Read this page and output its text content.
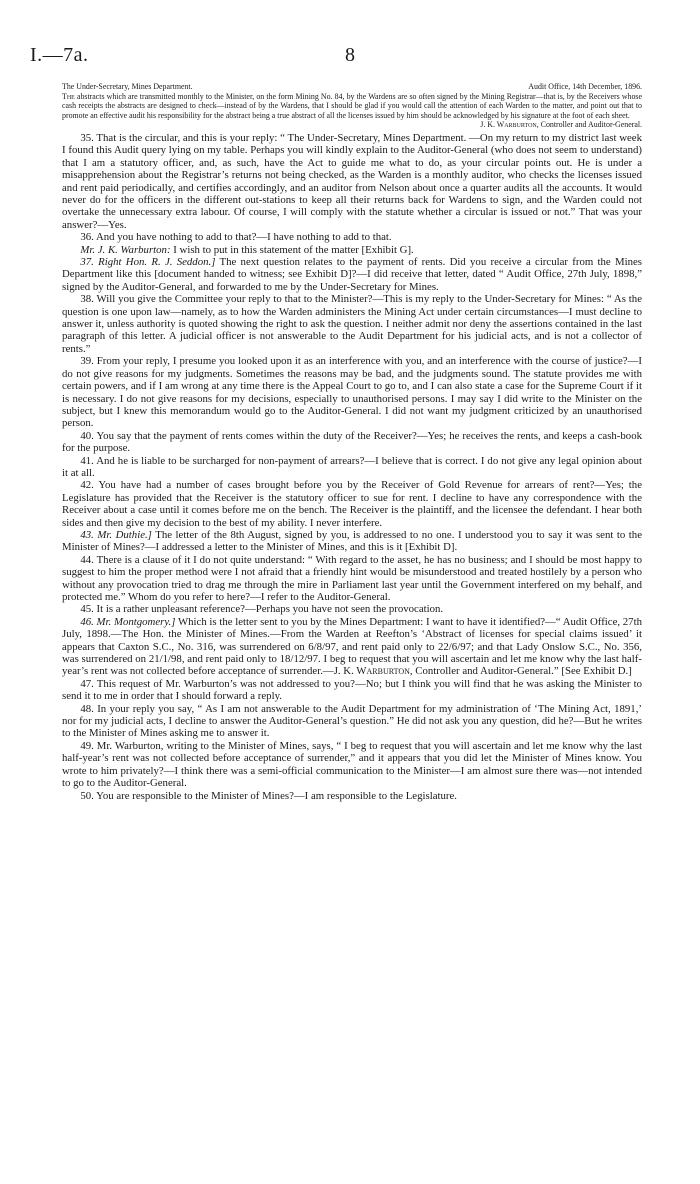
I.—7a.	8
The Under-Secretary, Mines Department.	Audit Office, 14th December, 1896.
The abstracts which are transmitted monthly to the Minister, on the form Mining No. 84, by the Wardens are so often signed by the Mining Registrar—that is, by the Receivers whose cash receipts the abstracts are designed to check—instead of by the Wardens, that I should be glad if you would call the attention of each Warden to the matter, and point out that to promote an effective audit his responsibility for the abstract being a true abstract of all the licenses issued by him should be acknowledged by his signature at the foot of each sheet.
J. K. Warburton, Controller and Auditor-General.

35. That is the circular, and this is your reply: “ The Under-Secretary, Mines Department. —On my return to my district last week I found this Audit query lying on my table. Perhaps you will kindly explain to the Auditor-General (who does not seem to understand) that I am a statutory officer, and, as such, have the Act to guide me what to do, as your circular points out. He is under a misapprehension about the Registrar’s returns not being checked, as the Warden is a monthly auditor, who checks the licenses issued and rent paid periodically, and certifies accordingly, and an auditor from Nelson about once a quarter audits all the accounts. It would never do for the officers in the different out-stations to keep all their returns back for Wardens to sign, and the Warden could not overtake the unnecessary extra labour. Of course, I will comply with the statute whether a circular is issued or not.” That was your answer?—Yes.

36. And you have nothing to add to that?—I have nothing to add to that.

Mr. J. K. Warburton: I wish to put in this statement of the matter [Exhibit G].

37. Right Hon. R. J. Seddon.] The next question relates to the payment of rents. Did you receive a circular from the Mines Department like this [document handed to witness; see Exhibit D]?—I did receive that letter, dated “ Audit Office, 27th July, 1898,” signed by the Auditor-General, and forwarded to me by the Under-Secretary for Mines.

38. Will you give the Committee your reply to that to the Minister?—This is my reply to the Under-Secretary for Mines: “ As the question is one upon law—namely, as to how the Warden administers the Mining Act under certain circumstances—I must decline to answer it, unless authority is quoted showing the right to ask the question. I neither admit nor deny the assertions contained in the last paragraph of this letter. A judicial officer is not answerable to the Audit Department for his judicial acts, and is not a collector of rents.”

39. From your reply, I presume you looked upon it as an interference with you, and an interference with the course of justice?—I do not give reasons for my judgments. Sometimes the reasons may be bad, and the judgments sound. The statute provides me with certain powers, and if I am wrong at any time there is the Appeal Court to go to, and I can also state a case for the Supreme Court if it is necessary. I do not give reasons for my decisions, especially to unauthorised persons. I may say I did write to the Minister on the subject, but I knew this memorandum would go to the Auditor-General. I did not want my judgment criticized by an unauthorised person.

40. You say that the payment of rents comes within the duty of the Receiver?—Yes; he receives the rents, and keeps a cash-book for the purpose.

41. And he is liable to be surcharged for non-payment of arrears?—I believe that is correct. I do not give any legal opinion about it at all.

42. You have had a number of cases brought before you by the Receiver of Gold Revenue for arrears of rent?—Yes; the Legislature has provided that the Receiver is the statutory officer to sue for rent. I decline to have any correspondence with the Receiver about a case until it comes before me on the bench. The Receiver is the plaintiff, and the licensee the defendant. I hear both sides and then give my decision to the best of my ability. I never interfere.

43. Mr. Duthie.] The letter of the 8th August, signed by you, is addressed to no one. I understood you to say it was sent to the Minister of Mines?—I addressed a letter to the Minister of Mines, and this is it [Exhibit D].

44. There is a clause of it I do not quite understand: “ With regard to the asset, he has no business; and I should be most happy to suggest to him the proper method were I not afraid that a friendly hint would be misunderstood and treated hostilely by a person who without any provocation tried to drag me through the mire in Parliament last year until the Government interfered on my behalf, and protected me.” Whom do you refer to here?—I refer to the Auditor-General.

45. It is a rather unpleasant reference?—Perhaps you have not seen the provocation.

46. Mr. Montgomery.] Which is the letter sent to you by the Mines Department: I want to have it identified?—“ Audit Office, 27th July, 1898.—The Hon. the Minister of Mines.—From the Warden at Reefton’s ‘Abstract of licenses for special claims issued’ it appears that Caxton S.C., No. 316, was surrendered on 6/8/97, and rent paid only to 22/6/97; and that Lady Onslow S.C., No. 356, was surrendered on 21/1/98, and rent paid only to 18/12/97. I beg to request that you will ascertain and let me know why the last half-year’s rent was not collected before acceptance of surrender.—J. K. Warburton, Controller and Auditor-General.” [See Exhibit D.]

47. This request of Mr. Warburton’s was not addressed to you?—No; but I think you will find that he was asking the Minister to send it to me in order that I should forward a reply.

48. In your reply you say, “ As I am not answerable to the Audit Department for my administration of ‘The Mining Act, 1891,’ nor for my judicial acts, I decline to answer the Auditor-General’s question.” He did not ask you any question, did he?—But he writes to the Minister of Mines asking me to answer it.

49. Mr. Warburton, writing to the Minister of Mines, says, “ I beg to request that you will ascertain and let me know why the last half-year’s rent was not collected before acceptance of surrender,” and it appears that you did let the Minister of Mines know. You wrote to him privately?—I think there was a semi-official communication to the Minister—I am almost sure there was—not intended to go to the Auditor-General.

50. You are responsible to the Minister of Mines?—I am responsible to the Legislature.
